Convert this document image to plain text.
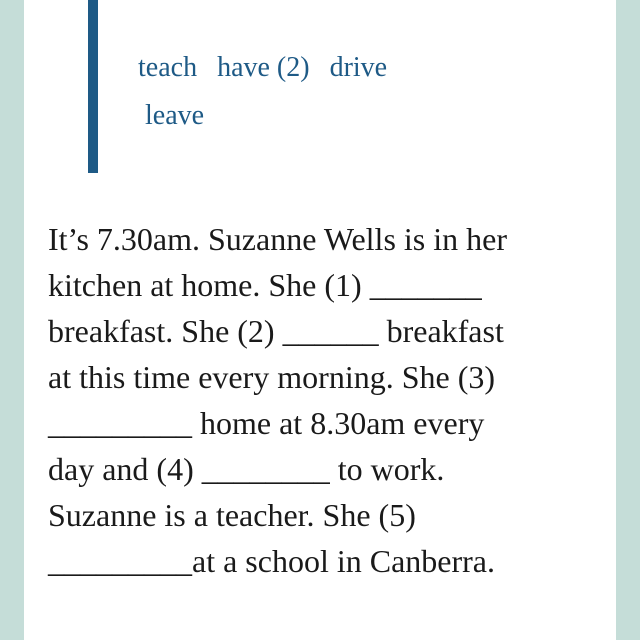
teach have (2) drive
leave
It’s 7.30am. Suzanne Wells is in her
kitchen at home. She (1) _______
breakfast. She (2) ______ breakfast
at this time every morning. She (3)
_________ home at 8.30am every
day and (4) ________ to work.
Suzanne is a teacher. She (5)
_________at a school in Canberra.
